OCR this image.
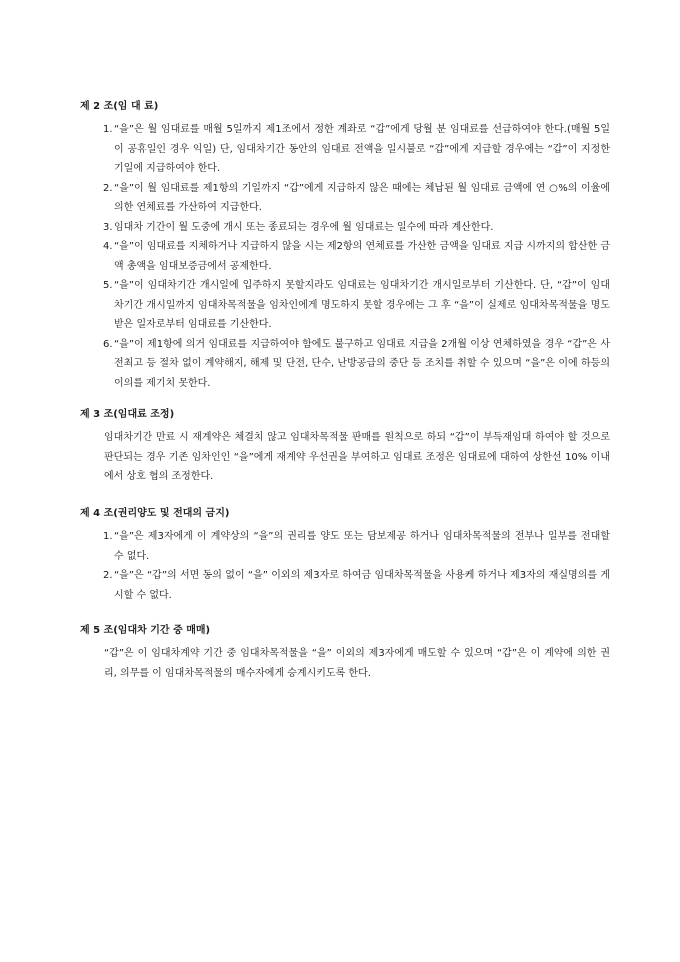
제 2 조(임 대 료)
1. “을”은 월 임대료를 매월 5일까지 제1조에서 정한 계좌로 “갑”에게 당월 분 임대료를 선급하여야 한다.(매월 5일이 공휴일인 경우 익일) 단, 임대차기간 동안의 임대료 전액을 일시불로 “갑”에게 지급할 경우에는 “갑”이 지정한 기일에 지급하여야 한다.
2. “을”이 월 임대료를 제1항의 기일까지 “갑”에게 지급하지 않은 때에는 체납된 월 임대료 금액에 연 ○%의 이율에 의한 연체료를 가산하여 지급한다.
3. 임대차 기간이 월 도중에 개시 또는 종료되는 경우에 월 임대료는 일수에 따라 계산한다.
4. “을”이 임대료를 지체하거나 지급하지 않을 시는 제2항의 연체료를 가산한 금액을 임대료 지급 시까지의 합산한 금액 총액을 임대보증금에서 공제한다.
5. “을”이 임대차기간 개시일에 입주하지 못할지라도 임대료는 임대차기간 개시일로부터 기산한다. 단, “갑”이 임대차기간 개시일까지 임대차목적물을 임차인에게 명도하지 못할 경우에는 그 후 “을”이 실제로 임대차목적물을 명도 받은 일자로부터 임대료를 기산한다.
6. “을”이 제1항에 의거 임대료를 지급하여야 함에도 불구하고 임대료 지급을 2개월 이상 연체하였을 경우 “갑”은 사전최고 등 절차 없이 계약해지, 해제 및 단전, 단수, 난방공급의 중단 등 조치를 취할 수 있으며 “을”은 이에 하등의 이의를 제기치 못한다.
제 3 조(임대료 조정)
임대차기간 만료 시 재계약은 체결치 않고 임대차목적물 판매를 원칙으로 하되 “갑”이 부득재임대 하여야 할 것으로 판단되는 경우 기존 임차인인 “을”에게 재계약 우선권을 부여하고 임대료 조정은 임대료에 대하여 상한선 10% 이내에서 상호 협의 조정한다.
제 4 조(권리양도 및 전대의 금지)
1. “을”은 제3자에게 이 계약상의 “을”의 권리를 양도 또는 담보제공 하거나 임대차목적물의 전부나 일부를 전대할 수 없다.
2. “을”은 “갑”의 서면 동의 없이 “을” 이외의 제3자로 하여금 임대차목적물을 사용케 하거나 제3자의 재실명의를 게시할 수 없다.
제 5 조(임대차 기간 중 매매)
“갑”은 이 임대차계약 기간 중 임대차목적물을 “을” 이외의 제3자에게 매도할 수 있으며 “갑”은 이 계약에 의한 권리, 의무를 이 임대차목적물의 매수자에게 승계시키도록 한다.
